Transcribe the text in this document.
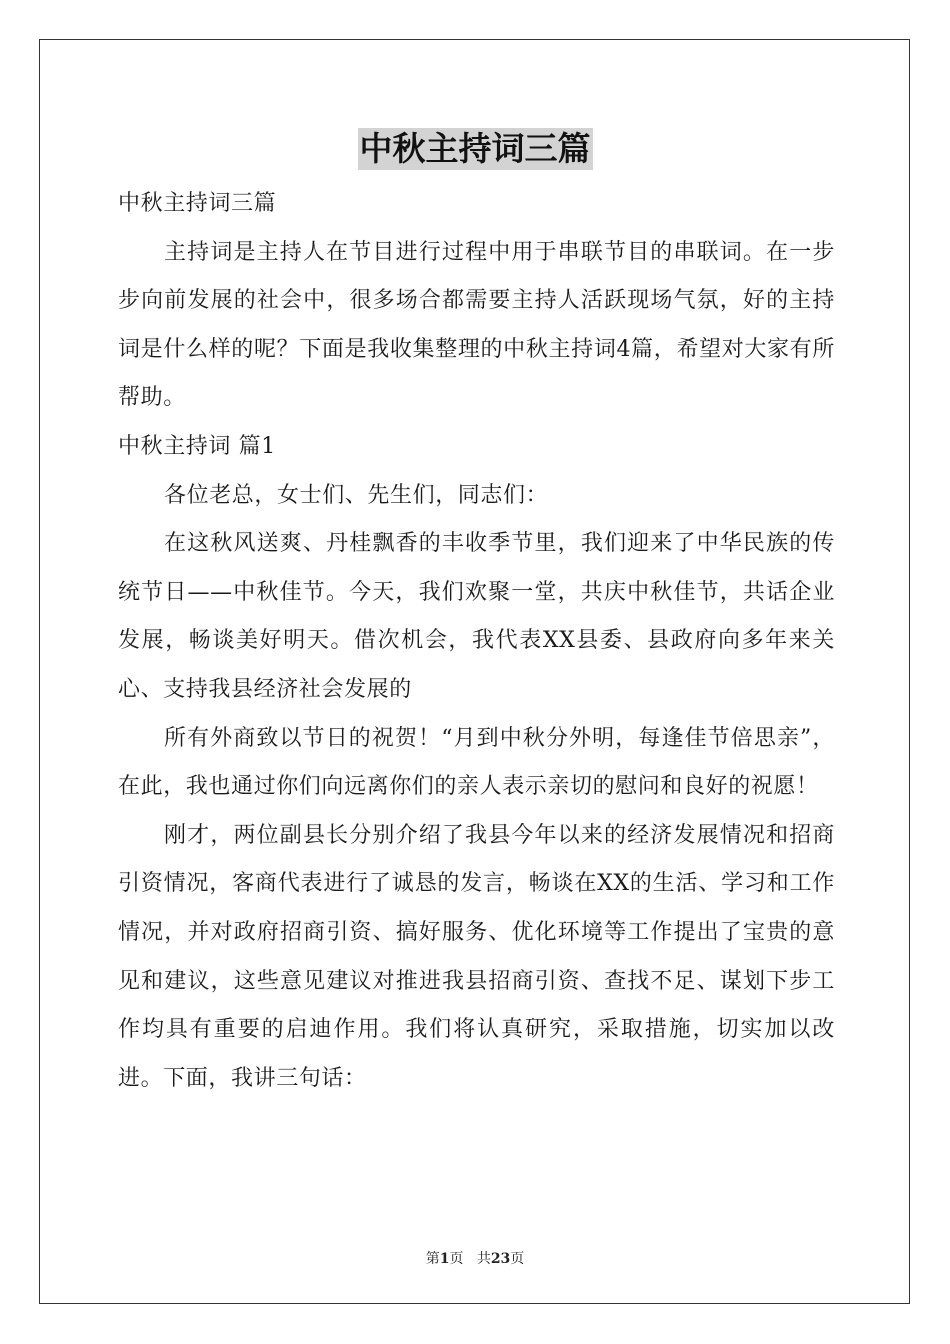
中秋主持词三篇

中秋主持词三篇

主持词是主持人在节目进行过程中用于串联节目的串联词。在一步步向前发展的社会中，很多场合都需要主持人活跃现场气氛，好的主持词是什么样的呢？下面是我收集整理的中秋主持词4篇，希望对大家有所帮助。

中秋主持词 篇1

各位老总，女士们、先生们，同志们：

在这秋风送爽、丹桂飘香的丰收季节里，我们迎来了中华民族的传统节日——中秋佳节。今天，我们欢聚一堂，共庆中秋佳节，共话企业发展，畅谈美好明天。借次机会，我代表XX县委、县政府向多年来关心、支持我县经济社会发展的

所有外商致以节日的祝贺！“月到中秋分外明，每逢佳节倍思亲”，在此，我也通过你们向远离你们的亲人表示亲切的慰问和良好的祝愿！

刚才，两位副县长分别介绍了我县今年以来的经济发展情况和招商引资情况，客商代表进行了诚恳的发言，畅谈在XX的生活、学习和工作情况，并对政府招商引资、搞好服务、优化环境等工作提出了宝贵的意见和建议，这些意见建议对推进我县招商引资、查找不足、谋划下步工作均具有重要的启迪作用。我们将认真研究，采取措施，切实加以改进。下面，我讲三句话：

第1页 共23页
